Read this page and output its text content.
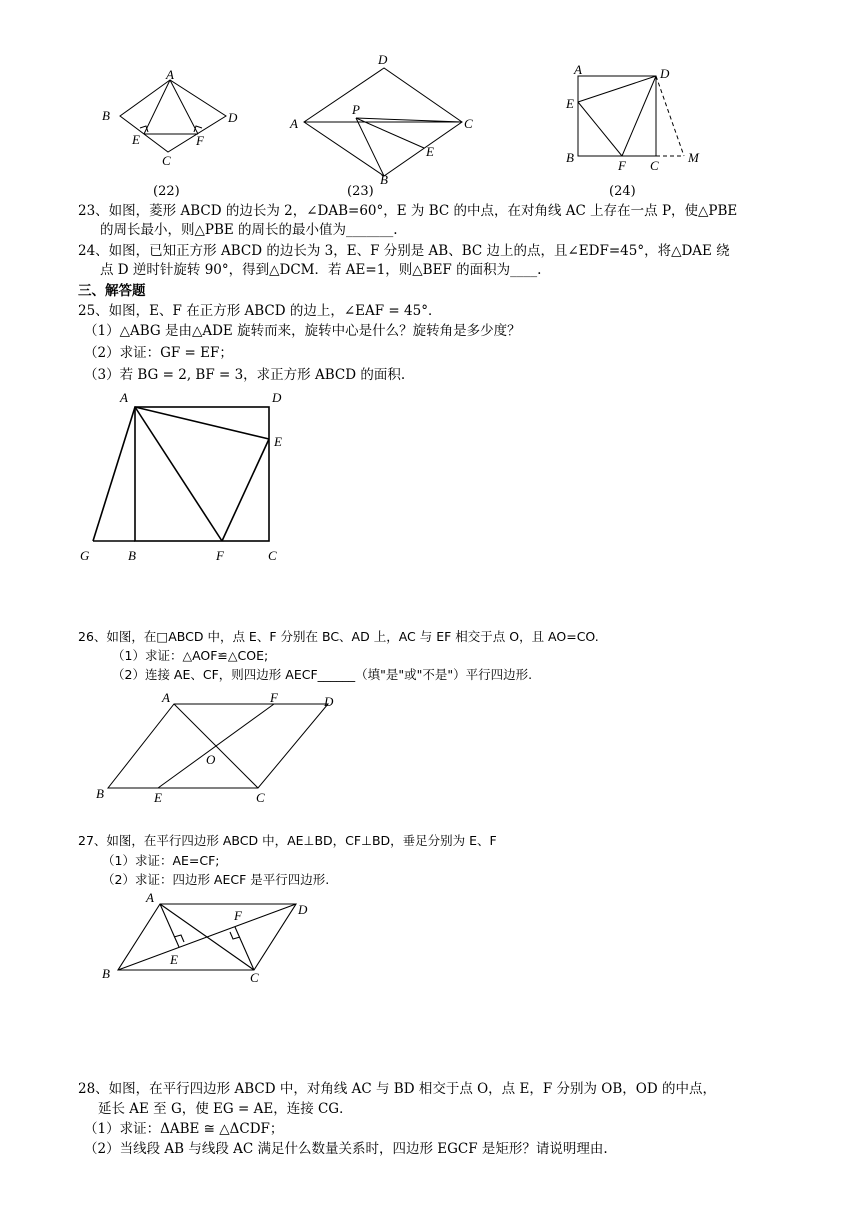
A
B	D
E	F
C
D
A
P
C
E
B
A	D
E
B
F C
M
(22)	(23)	(24)
23、如图，菱形 ABCD 的边长为 2，∠DAB=60°，E 为 BC 的中点，在对角线 AC 上存在一点 P，使△PBE
的周长最小，则△PBE 的周长的最小值为_______.
24、如图，已知正方形 ABCD 的边长为 3，E、F 分别是 AB、BC 边上的点，且∠EDF=45°，将△DAE 绕
点 D 逆时针旋转 90°，得到△DCM．若 AE=1，则△BEF 的面积为____.
三、解答题
25、如图，E、F 在正方形 ABCD 的边上，∠EAF = 45°．
（1）△ABG 是由△ADE 旋转而来，旋转中心是什么？旋转角是多少度？
（2）求证：GF = EF；
（3）若 BG = 2, BF = 3，求正方形 ABCD 的面积.
A	D
E
G	B	F	C
26、如图，在□ABCD 中，点 E、F 分别在 BC、AD 上，AC 与 EF 相交于点 O，且 AO=CO.
（1）求证：△AOF≌△COE;
（2）连接 AE、CF，则四边形 AECF______（填"是"或"不是"）平行四边形.
A	F	D
O
B	E	C
27、如图，在平行四边形 ABCD 中，AE⊥BD，CF⊥BD，垂足分别为 E、F
（1）求证：AE=CF;
（2）求证：四边形 AECF 是平行四边形.
A
F	D
E
B	C
28、如图，在平行四边形 ABCD 中，对角线 AC 与 BD 相交于点 O，点 E，F 分别为 OB，OD 的中点，
延长 AE 至 G，使 EG = AE，连接 CG．
（1）求证：ΔABE ≅ △ΔCDF；
（2）当线段 AB 与线段 AC 满足什么数量关系时，四边形 EGCF 是矩形？请说明理由.
